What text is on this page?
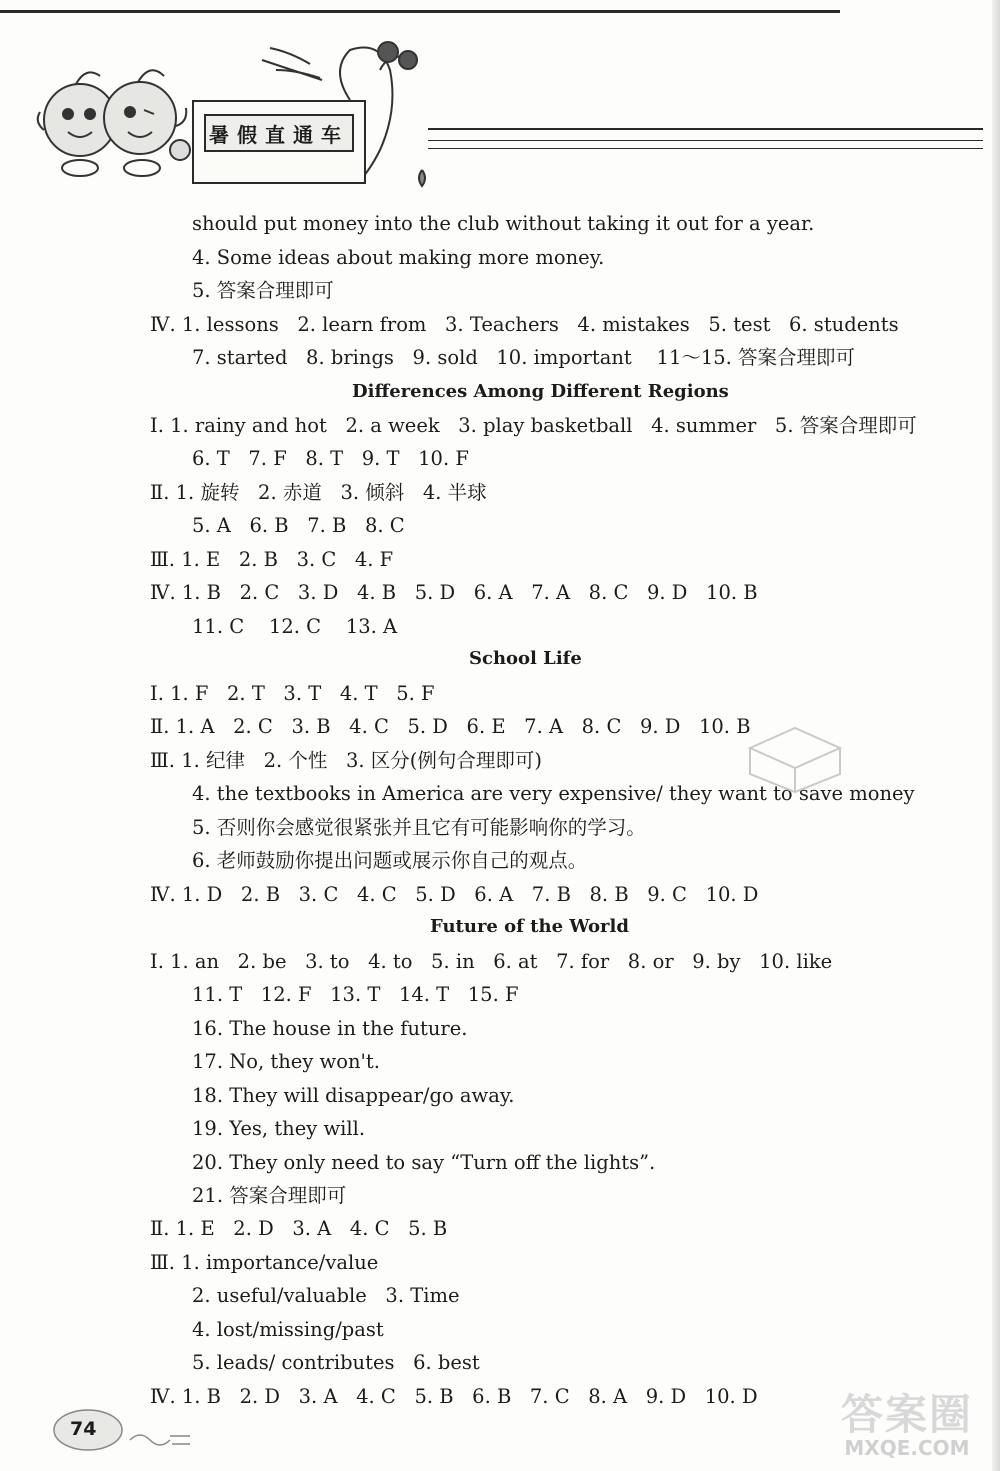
暑假直通车
should put money into the club without taking it out for a year.
4. Some ideas about making more money.
5. 答案合理即可
Ⅳ. 1. lessons   2. learn from   3. Teachers   4. mistakes   5. test   6. students
7. started   8. brings   9. sold   10. important    11～15. 答案合理即可
Differences Among Different Regions
Ⅰ. 1. rainy and hot   2. a week   3. play basketball   4. summer   5. 答案合理即可
6. T   7. F   8. T   9. T   10. F
Ⅱ. 1. 旋转   2. 赤道   3. 倾斜   4. 半球
5. A   6. B   7. B   8. C
Ⅲ. 1. E   2. B   3. C   4. F
Ⅳ. 1. B   2. C   3. D   4. B   5. D   6. A   7. A   8. C   9. D   10. B
11. C    12. C    13. A
School Life
Ⅰ. 1. F   2. T   3. T   4. T   5. F
Ⅱ. 1. A   2. C   3. B   4. C   5. D   6. E   7. A   8. C   9. D   10. B
Ⅲ. 1. 纪律   2. 个性   3. 区分(例句合理即可)
4. the textbooks in America are very expensive/ they want to save money
5. 否则你会感觉很紧张并且它有可能影响你的学习。
6. 老师鼓励你提出问题或展示你自己的观点。
Ⅳ. 1. D   2. B   3. C   4. C   5. D   6. A   7. B   8. B   9. C   10. D
Future of the World
Ⅰ. 1. an   2. be   3. to   4. to   5. in   6. at   7. for   8. or   9. by   10. like
11. T   12. F   13. T   14. T   15. F
16. The house in the future.
17. No, they won't.
18. They will disappear/go away.
19. Yes, they will.
20. They only need to say “Turn off the lights”.
21. 答案合理即可
Ⅱ. 1. E   2. D   3. A   4. C   5. B
Ⅲ. 1. importance/value
2. useful/valuable   3. Time
4. lost/missing/past
5. leads/ contributes   6. best
Ⅳ. 1. B   2. D   3. A   4. C   5. B   6. B   7. C   8. A   9. D   10. D
74	答案圈
MXQE.COM
